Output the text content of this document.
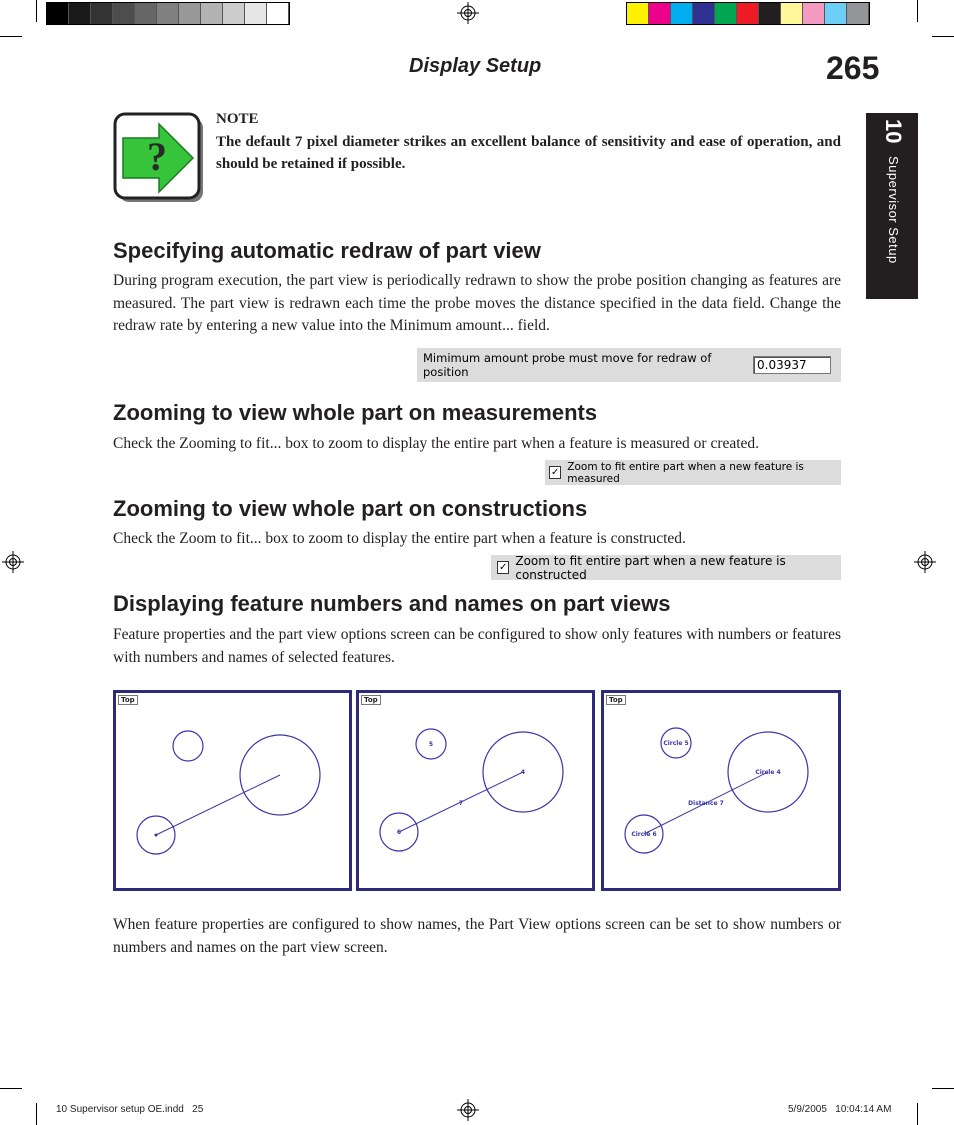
Display Setup	265
10 Supervisor Setup
?
NOTE
The default 7 pixel diameter strikes an excellent balance of sensitivity and ease of operation, and should be retained if possible.
Specifying automatic redraw of part view
During program execution, the part view is periodically redrawn to show the probe position changing as features are measured. The part view is redrawn each time the probe moves the distance specified in the data field. Change the redraw rate by entering a new value into the Minimum amount... field.
Mimimum amount probe must move for redraw of position	0.03937
Zooming to view whole part on measurements
Check the Zooming to fit... box to zoom to display the entire part when a feature is measured or created.
✓ Zoom to fit entire part when a new feature is measured
Zooming to view whole part on constructions
Check the Zoom to fit... box to zoom to display the entire part when a feature is constructed.
✓ Zoom to fit entire part when a new feature is constructed
Displaying feature numbers and names on part views
Feature properties and the part view options screen can be configured to show only features with numbers or features with numbers and names of selected features.
Top
5
4
7
6
Top
Circle 5
Circle 4
Distance 7
Circle 6
Top
When feature properties are configured to show names, the Part View options screen can be set to show numbers or numbers and names on the part view screen.
10 Supervisor setup OE.indd   25	5/9/2005   10:04:14 AM
